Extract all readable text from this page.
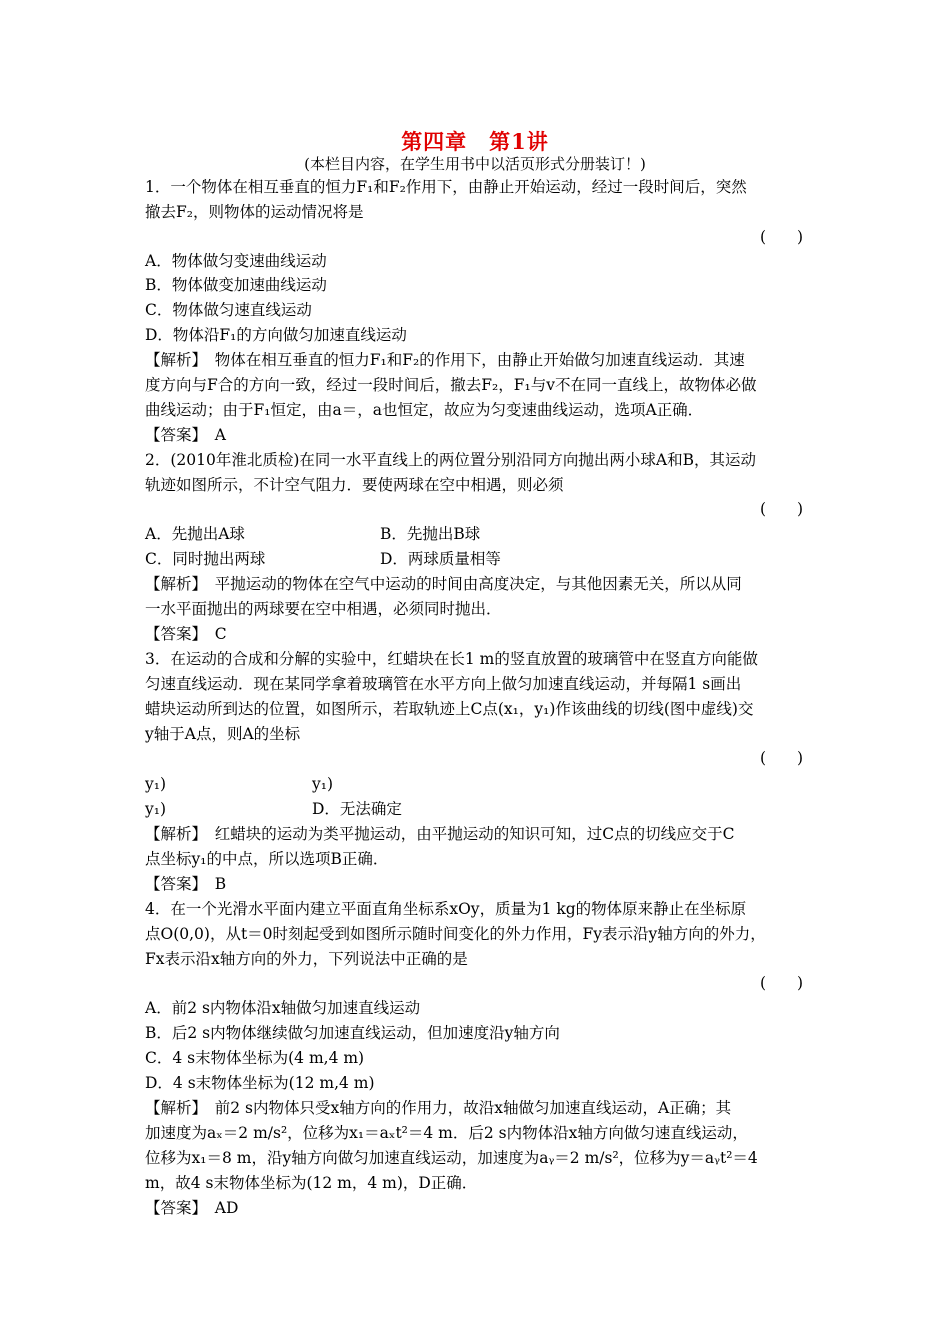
第四章　第1讲
(本栏目内容，在学生用书中以活页形式分册装订！)
1．一个物体在相互垂直的恒力F₁和F₂作用下，由静止开始运动，经过一段时间后，突然
撤去F₂，则物体的运动情况将是
(　　)
A．物体做匀变速曲线运动
B．物体做变加速曲线运动
C．物体做匀速直线运动
D．物体沿F₁的方向做匀加速直线运动
【解析】　物体在相互垂直的恒力F₁和F₂的作用下，由静止开始做匀加速直线运动．其速
度方向与F合的方向一致，经过一段时间后，撤去F₂，F₁与v不在同一直线上，故物体必做
曲线运动；由于F₁恒定，由a＝，a也恒定，故应为匀变速曲线运动，选项A正确．
【答案】　A
2．(2010年淮北质检)在同一水平直线上的两位置分别沿同方向抛出两小球A和B，其运动
轨迹如图所示，不计空气阻力．要使两球在空中相遇，则必须
(　　)
A．先抛出A球	B．先抛出B球
C．同时抛出两球	D．两球质量相等
【解析】　平抛运动的物体在空气中运动的时间由高度决定，与其他因素无关，所以从同
一水平面抛出的两球要在空中相遇，必须同时抛出．
【答案】　C
3．在运动的合成和分解的实验中，红蜡块在长1 m的竖直放置的玻璃管中在竖直方向能做
匀速直线运动．现在某同学拿着玻璃管在水平方向上做匀加速直线运动，并每隔1 s画出
蜡块运动所到达的位置，如图所示，若取轨迹上C点(x₁，y₁)作该曲线的切线(图中虚线)交
y轴于A点，则A的坐标
(　　)
y₁)	y₁)
y₁)	D．无法确定
【解析】　红蜡块的运动为类平抛运动，由平抛运动的知识可知，过C点的切线应交于C
点坐标y₁的中点，所以选项B正确．
【答案】　B
4．在一个光滑水平面内建立平面直角坐标系xOy，质量为1 kg的物体原来静止在坐标原
点O(0,0)，从t＝0时刻起受到如图所示随时间变化的外力作用，Fy表示沿y轴方向的外力，
Fx表示沿x轴方向的外力，下列说法中正确的是
(　　)
A．前2 s内物体沿x轴做匀加速直线运动
B．后2 s内物体继续做匀加速直线运动，但加速度沿y轴方向
C．4 s末物体坐标为(4 m,4 m)
D．4 s末物体坐标为(12 m,4 m)
【解析】　前2 s内物体只受x轴方向的作用力，故沿x轴做匀加速直线运动，A正确；其
加速度为aₓ＝2 m/s²，位移为x₁＝aₓt²＝4 m．后2 s内物体沿x轴方向做匀速直线运动，
位移为x₁＝8 m，沿y轴方向做匀加速直线运动，加速度为aᵧ＝2 m/s²，位移为y＝aᵧt²＝4
m，故4 s末物体坐标为(12 m，4 m)，D正确．
【答案】　AD
